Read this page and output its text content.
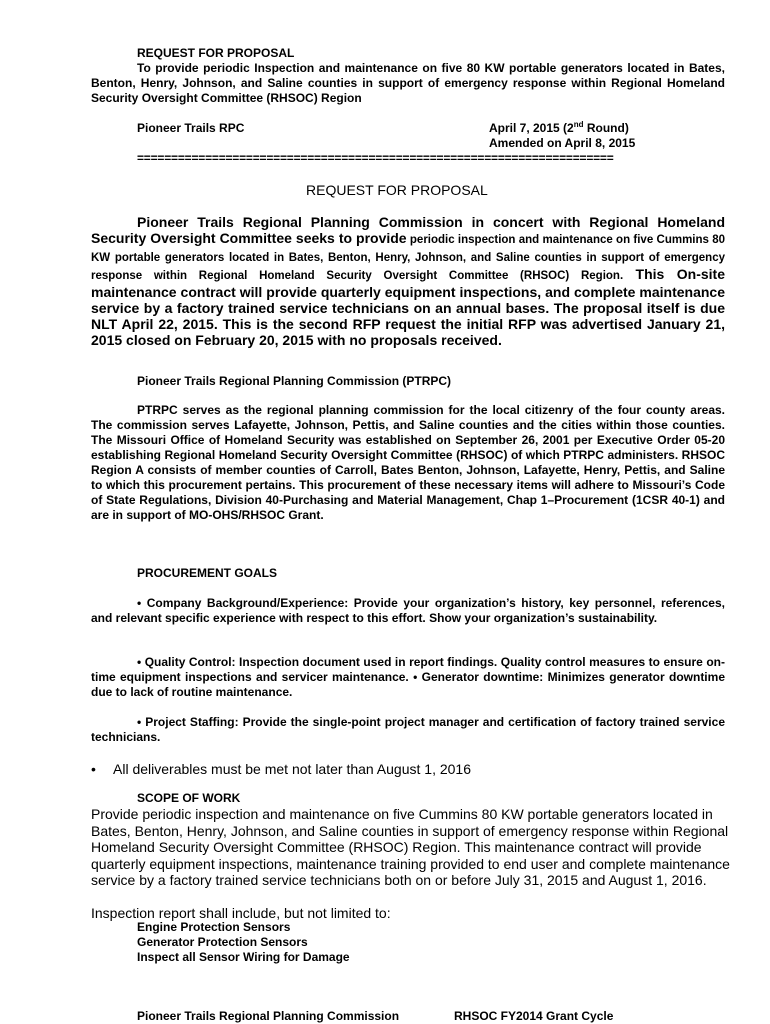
REQUEST FOR PROPOSAL

To provide periodic Inspection and maintenance on five 80 KW portable generators located in Bates, Benton, Henry, Johnson, and Saline counties in support of emergency response within Regional Homeland Security Oversight Committee (RHSOC) Region

Pioneer Trails RPC	April 7, 2015 (2nd Round)

Amended on April 8, 2015

======================================================================

REQUEST FOR PROPOSAL

Pioneer Trails Regional Planning Commission in concert with Regional Homeland Security Oversight Committee seeks to provide periodic inspection and maintenance on five Cummins 80 KW portable generators located in Bates, Benton, Henry, Johnson, and Saline counties in support of emergency response within Regional Homeland Security Oversight Committee (RHSOC) Region. This On-site maintenance contract will provide quarterly equipment inspections, and complete maintenance service by a factory trained service technicians on an annual bases. The proposal itself is due NLT April 22, 2015. This is the second RFP request the initial RFP was advertised January 21, 2015 closed on February 20, 2015 with no proposals received.

Pioneer Trails Regional Planning Commission (PTRPC)

PTRPC serves as the regional planning commission for the local citizenry of the four county areas. The commission serves Lafayette, Johnson, Pettis, and Saline counties and the cities within those counties. The Missouri Office of Homeland Security was established on September 26, 2001 per Executive Order 05-20 establishing Regional Homeland Security Oversight Committee (RHSOC) of which PTRPC administers. RHSOC Region A consists of member counties of Carroll, Bates Benton, Johnson, Lafayette, Henry, Pettis, and Saline to which this procurement pertains. This procurement of these necessary items will adhere to Missouri’s Code of State Regulations, Division 40-Purchasing and Material Management, Chap 1–Procurement (1CSR 40-1) and are in support of MO-OHS/RHSOC Grant.

PROCUREMENT GOALS

• Company Background/Experience: Provide your organization’s history, key personnel, references, and relevant specific experience with respect to this effort. Show your organization’s sustainability.

• Quality Control: Inspection document used in report findings. Quality control measures to ensure on-time equipment inspections and servicer maintenance. • Generator downtime: Minimizes generator downtime due to lack of routine maintenance.

• Project Staffing: Provide the single-point project manager and certification of factory trained service technicians.

• All deliverables must be met not later than August 1, 2016

SCOPE OF WORK

Provide periodic inspection and maintenance on five Cummins 80 KW portable generators located in Bates, Benton, Henry, Johnson, and Saline counties in support of emergency response within Regional Homeland Security Oversight Committee (RHSOC) Region. This maintenance contract will provide quarterly equipment inspections, maintenance training provided to end user and complete maintenance service by a factory trained service technicians both on or before July 31, 2015 and August 1, 2016.

Inspection report shall include, but not limited to:

Engine Protection Sensors

Generator Protection Sensors

Inspect all Sensor Wiring for Damage

Pioneer Trails Regional Planning Commission	RHSOC FY2014 Grant Cycle
